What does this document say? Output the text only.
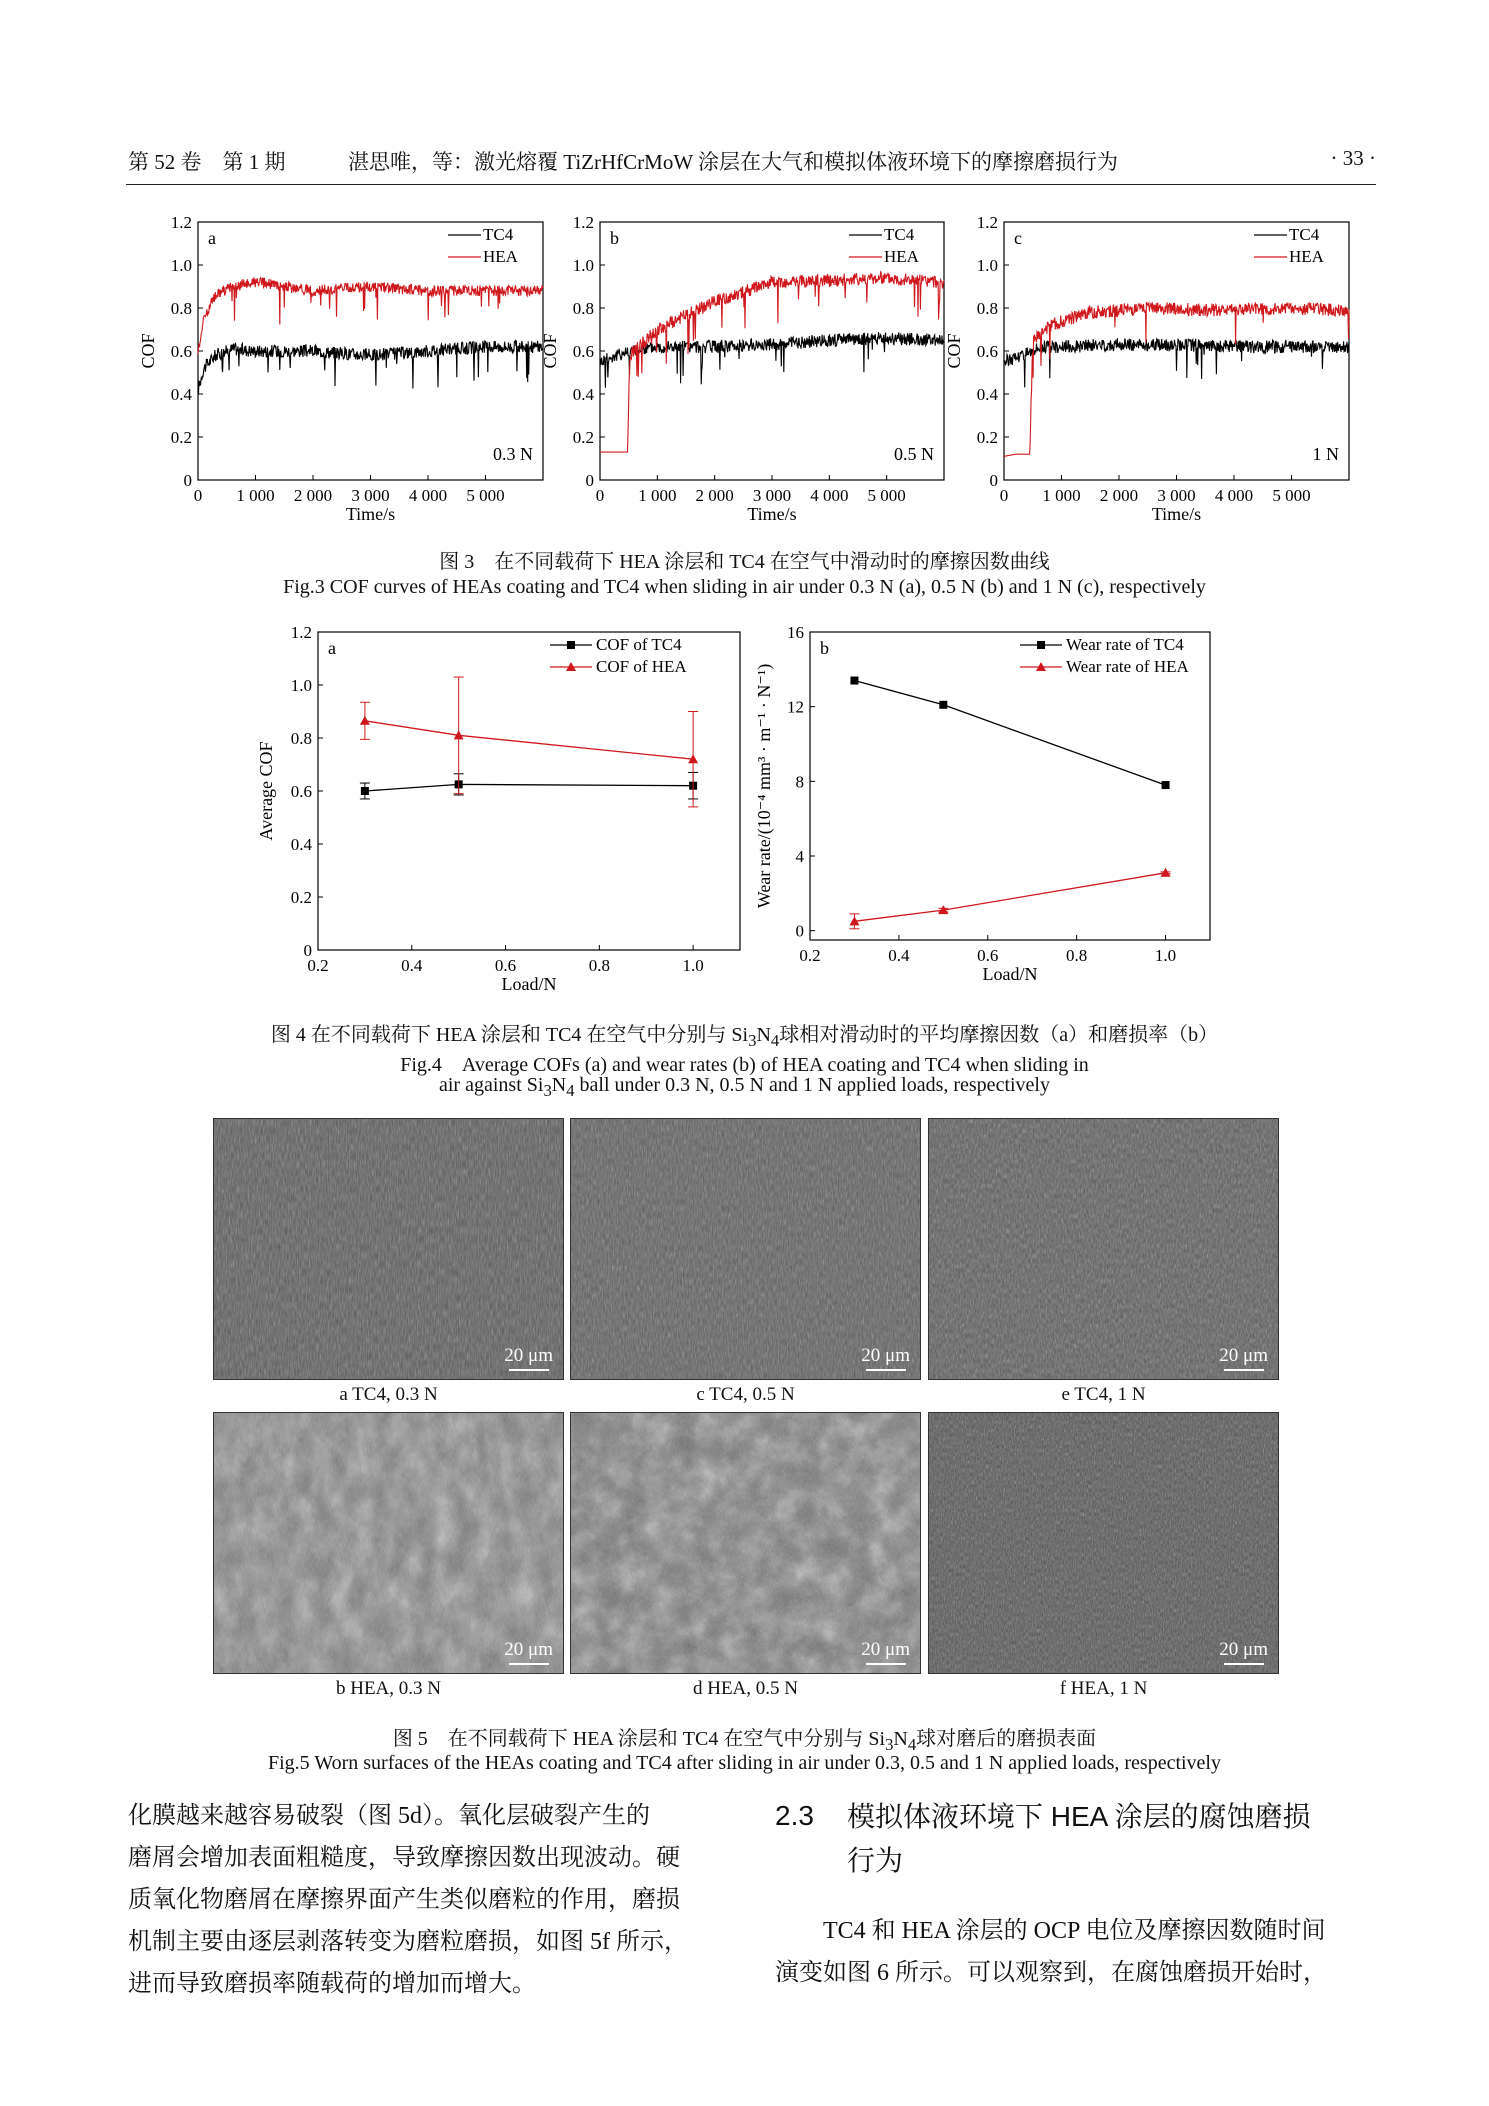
第 52 卷　第 1 期	湛思唯，等：激光熔覆 TiZrHfCrMoW 涂层在大气和模拟体液环境下的摩擦磨损行为	· 33 ·
0 1 000 2 000 3 000 4 000 5 000
0
0.2
0.4
0.6
0.8
1.0
1.2
Time/s
COF
a	TC4
HEA
0.3 N
0 1 000 2 000 3 000 4 000 5 000
0
0.2
0.4
0.6
0.8
1.0
1.2
Time/s
COF
b	TC4
HEA
0.5 N
0 1 000 2 000 3 000 4 000 5 000
0
0.2
0.4
0.6
0.8
1.0
1.2
Time/s
COF
c	TC4
HEA
1 N
图 3　在不同载荷下 HEA 涂层和 TC4 在空气中滑动时的摩擦因数曲线
Fig.3 COF curves of HEAs coating and TC4 when sliding in air under 0.3 N (a), 0.5 N (b) and 1 N (c), respectively
0.2	0.4	0.6	0.8	1.0
0
0.2
0.4
0.6
0.8
1.0
1.2
Load/N
Average COF
a	COF of TC4
COF of HEA
0.2	0.4	0.6	0.8	1.0
0
4
8
12
16
Load/N
Wear rate/(10⁻⁴ mm³ · m⁻¹ · N⁻¹)
b	Wear rate of TC4
Wear rate of HEA
图 4 在不同载荷下 HEA 涂层和 TC4 在空气中分别与 $Si_3N_4$球相对滑动时的平均摩擦因数（a）和磨损率（b）
Fig.4　Average COFs (a) and wear rates (b) of HEA coating and TC4 when sliding in
air against $Si_3N_4$ ball under 0.3 N, 0.5 N and 1 N applied loads, respectively
20 μm	20 μm	20 μm
a TC4, 0.3 N	c TC4, 0.5 N	e TC4, 1 N
20 μm	20 μm	20 μm
b HEA, 0.3 N	d HEA, 0.5 N	f HEA, 1 N
图 5　在不同载荷下 HEA 涂层和 TC4 在空气中分别与 $Si_3N_4$球对磨后的磨损表面
Fig.5 Worn surfaces of the HEAs coating and TC4 after sliding in air under 0.3, 0.5 and 1 N applied loads, respectively
化膜越来越容易破裂（图 5d）。氧化层破裂产生的
磨屑会增加表面粗糙度，导致摩擦因数出现波动。硬
质氧化物磨屑在摩擦界面产生类似磨粒的作用，磨损
机制主要由逐层剥落转变为磨粒磨损，如图 5f 所示，
进而导致磨损率随载荷的增加而增大。
2.3 模拟体液环境下 HEA 涂层的腐蚀磨损
行为
TC4 和 HEA 涂层的 OCP 电位及摩擦因数随时间
演变如图 6 所示。可以观察到，在腐蚀磨损开始时，
